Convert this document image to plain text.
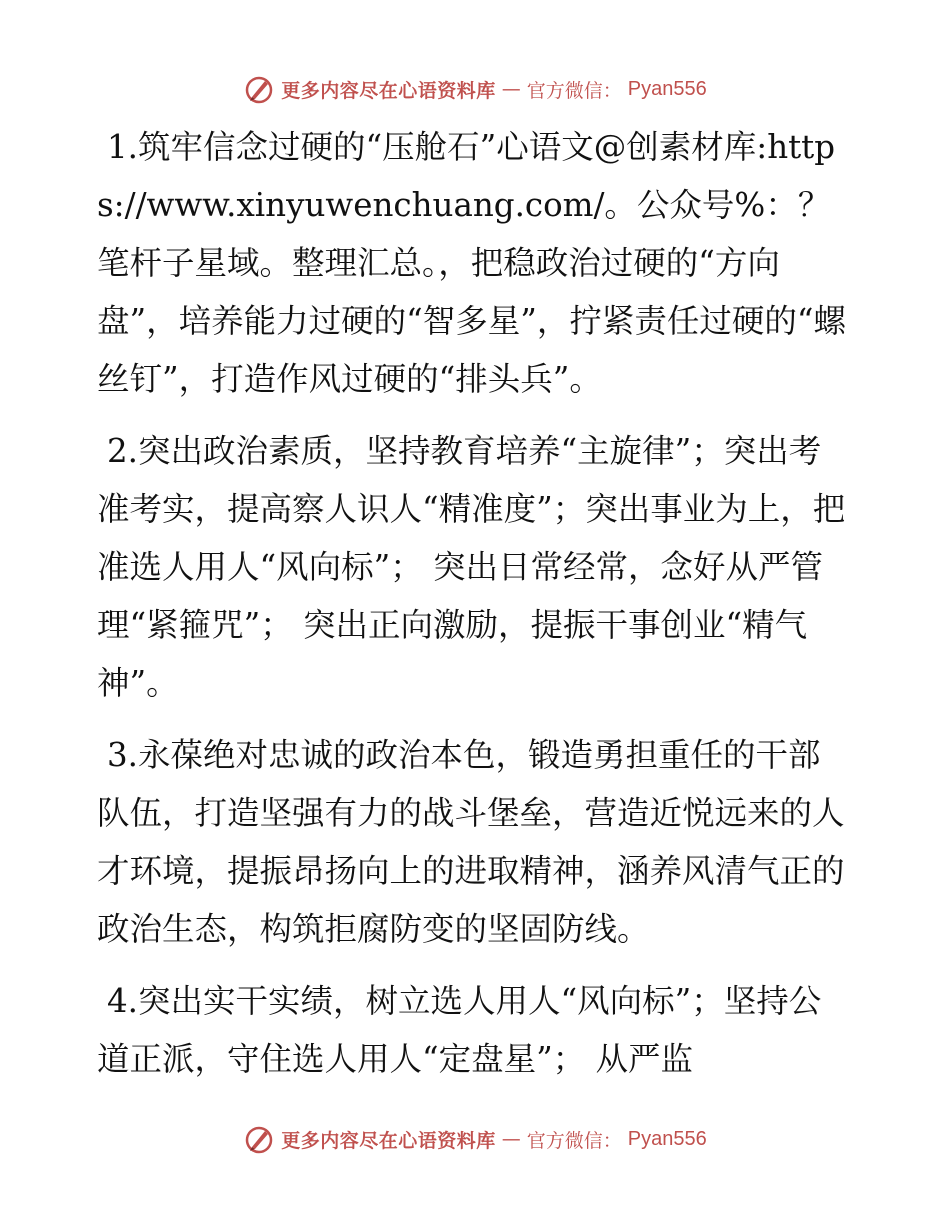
更多内容尽在心语资料库 — 官方微信： Pyan556

1.筑牢信念过硬的“压舱石”心语文@创素材库:https://www.xinyuwenchuang.com/。公众号%：？笔杆子星域。整理汇总。，把稳政治过硬的“方向盘”，培养能力过硬的“智多星”，拧紧责任过硬的“螺丝钉”，打造作风过硬的“排头兵”。

2.突出政治素质，坚持教育培养“主旋律”；突出考准考实，提高察人识人“精准度”；突出事业为上，把准选人用人“风向标”； 突出日常经常，念好从严管理“紧箍咒”； 突出正向激励，提振干事创业“精气神”。

3.永葆绝对忠诚的政治本色，锻造勇担重任的干部队伍，打造坚强有力的战斗堡垒，营造近悦远来的人才环境，提振昂扬向上的进取精神，涵养风清气正的政治生态，构筑拒腐防变的坚固防线。

4.突出实干实绩，树立选人用人“风向标”；坚持公道正派，守住选人用人“定盘星”； 从严监

更多内容尽在心语资料库 — 官方微信： Pyan556
